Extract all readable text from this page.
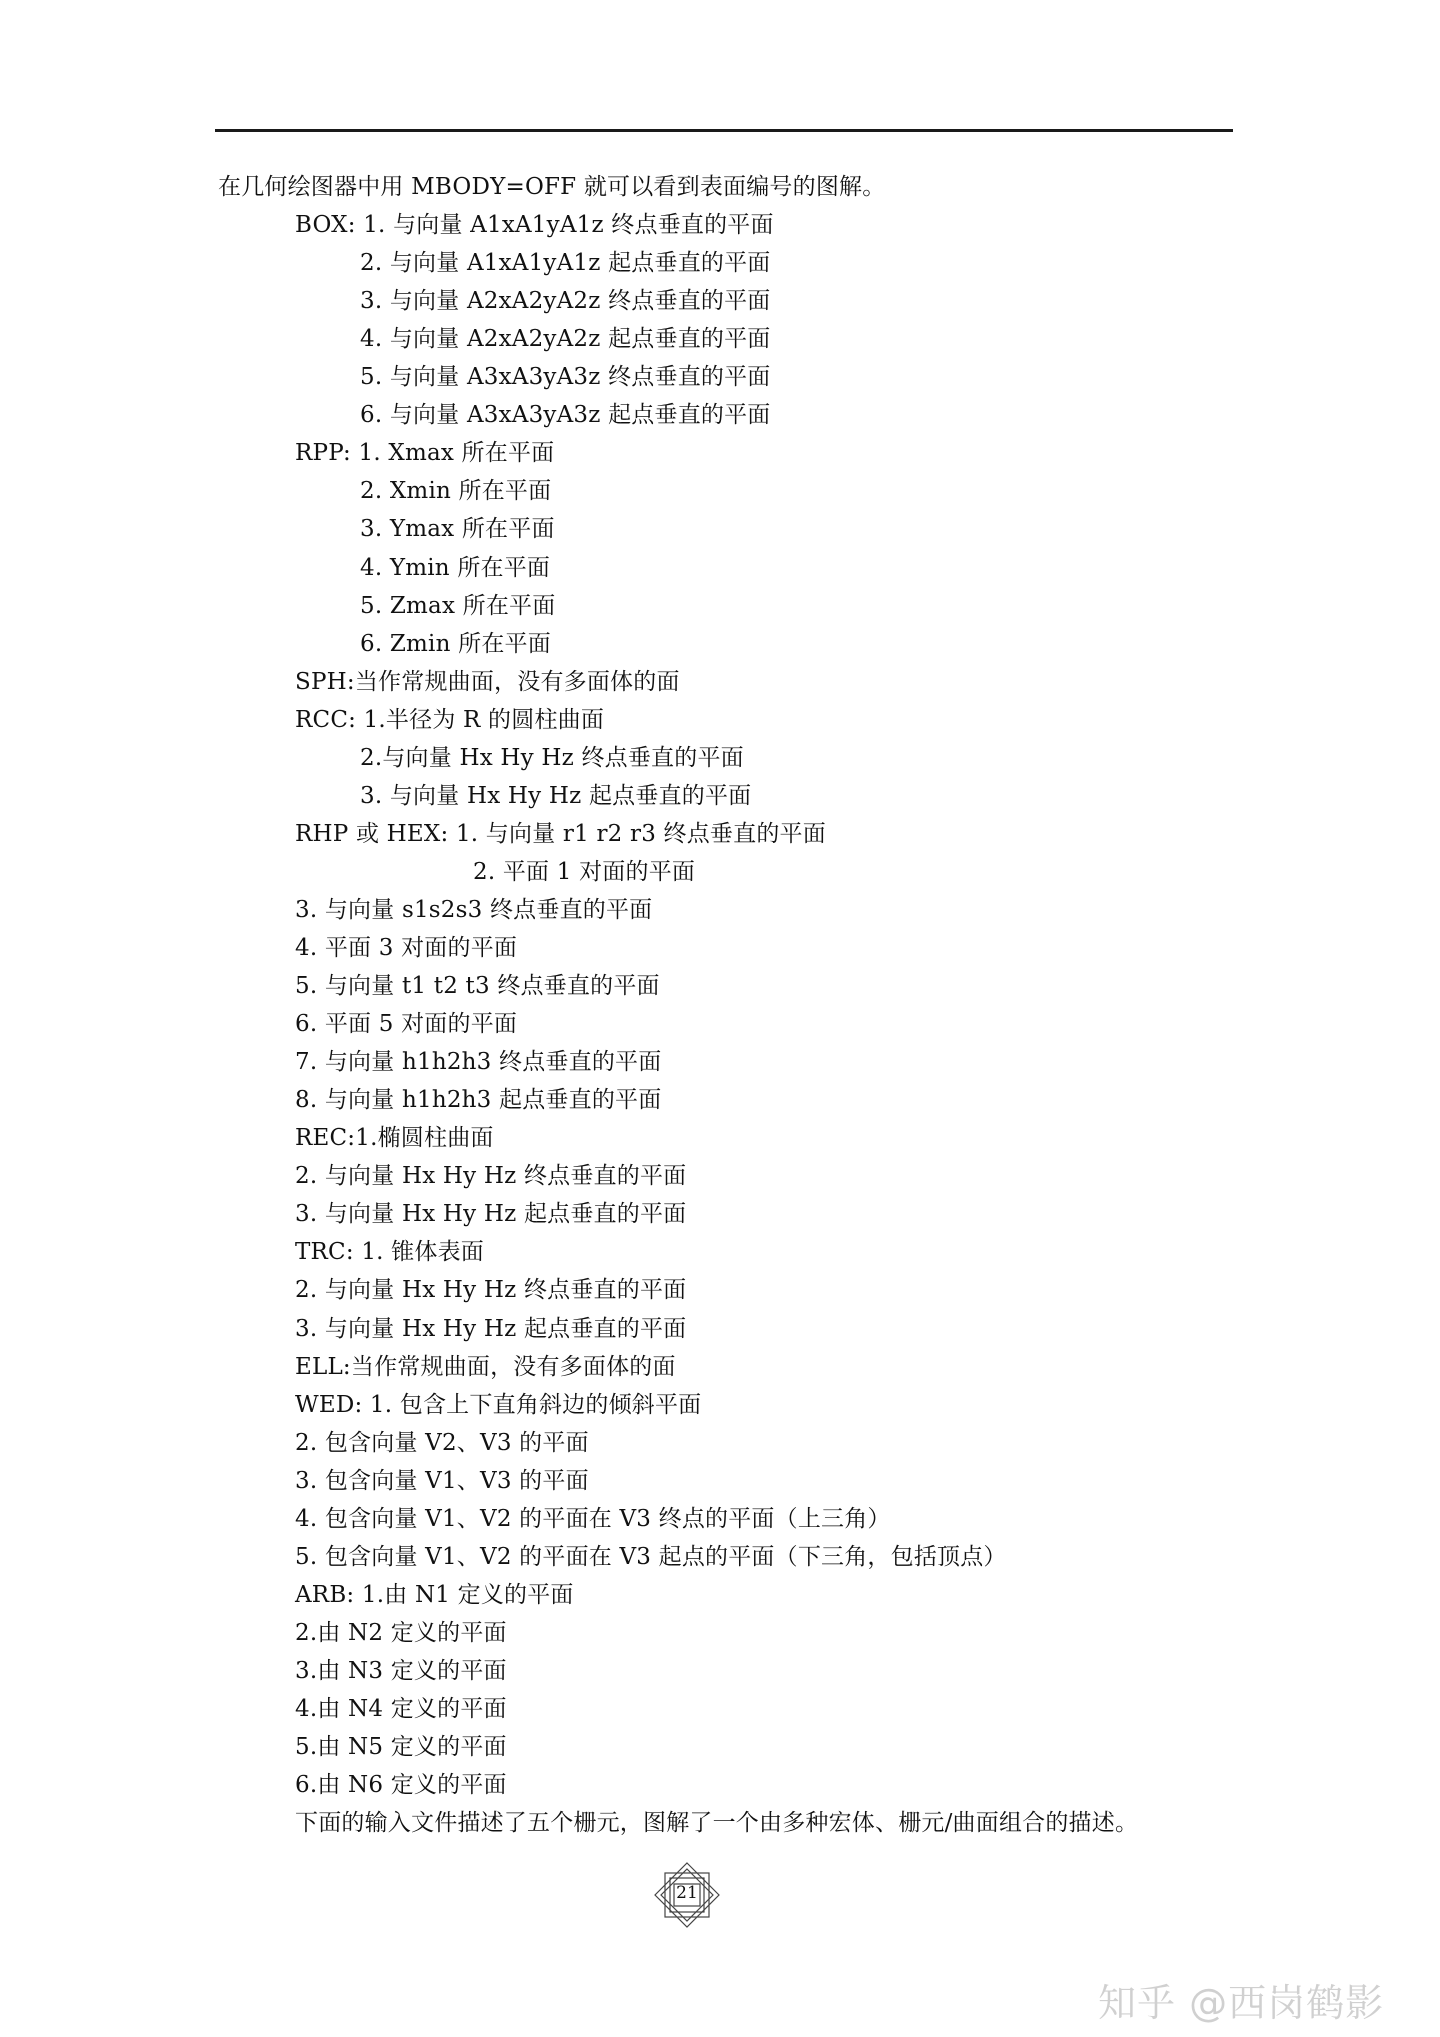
在几何绘图器中用 MBODY=OFF 就可以看到表面编号的图解。
BOX: 1. 与向量 A1xA1yA1z 终点垂直的平面
2. 与向量 A1xA1yA1z 起点垂直的平面
3. 与向量 A2xA2yA2z 终点垂直的平面
4. 与向量 A2xA2yA2z 起点垂直的平面
5. 与向量 A3xA3yA3z 终点垂直的平面
6. 与向量 A3xA3yA3z 起点垂直的平面
RPP: 1. Xmax 所在平面
2. Xmin 所在平面
3. Ymax 所在平面
4. Ymin 所在平面
5. Zmax 所在平面
6. Zmin 所在平面
SPH:当作常规曲面，没有多面体的面
RCC: 1.半径为 R 的圆柱曲面
2.与向量 Hx Hy Hz 终点垂直的平面
3. 与向量 Hx Hy Hz 起点垂直的平面
RHP 或 HEX: 1. 与向量 r1 r2 r3 终点垂直的平面
2. 平面 1 对面的平面
3. 与向量 s1s2s3 终点垂直的平面
4. 平面 3 对面的平面
5. 与向量 t1 t2 t3 终点垂直的平面
6. 平面 5 对面的平面
7. 与向量 h1h2h3 终点垂直的平面
8. 与向量 h1h2h3 起点垂直的平面
REC:1.椭圆柱曲面
2. 与向量 Hx Hy Hz 终点垂直的平面
3. 与向量 Hx Hy Hz 起点垂直的平面
TRC: 1. 锥体表面
2. 与向量 Hx Hy Hz 终点垂直的平面
3. 与向量 Hx Hy Hz 起点垂直的平面
ELL:当作常规曲面，没有多面体的面
WED: 1. 包含上下直角斜边的倾斜平面
2. 包含向量 V2、V3 的平面
3. 包含向量 V1、V3 的平面
4. 包含向量 V1、V2 的平面在 V3 终点的平面（上三角）
5. 包含向量 V1、V2 的平面在 V3 起点的平面（下三角，包括顶点）
ARB: 1.由 N1 定义的平面
2.由 N2 定义的平面
3.由 N3 定义的平面
4.由 N4 定义的平面
5.由 N5 定义的平面
6.由 N6 定义的平面
下面的输入文件描述了五个栅元，图解了一个由多种宏体、栅元/曲面组合的描述。
21
知乎 @西岗鹤影
